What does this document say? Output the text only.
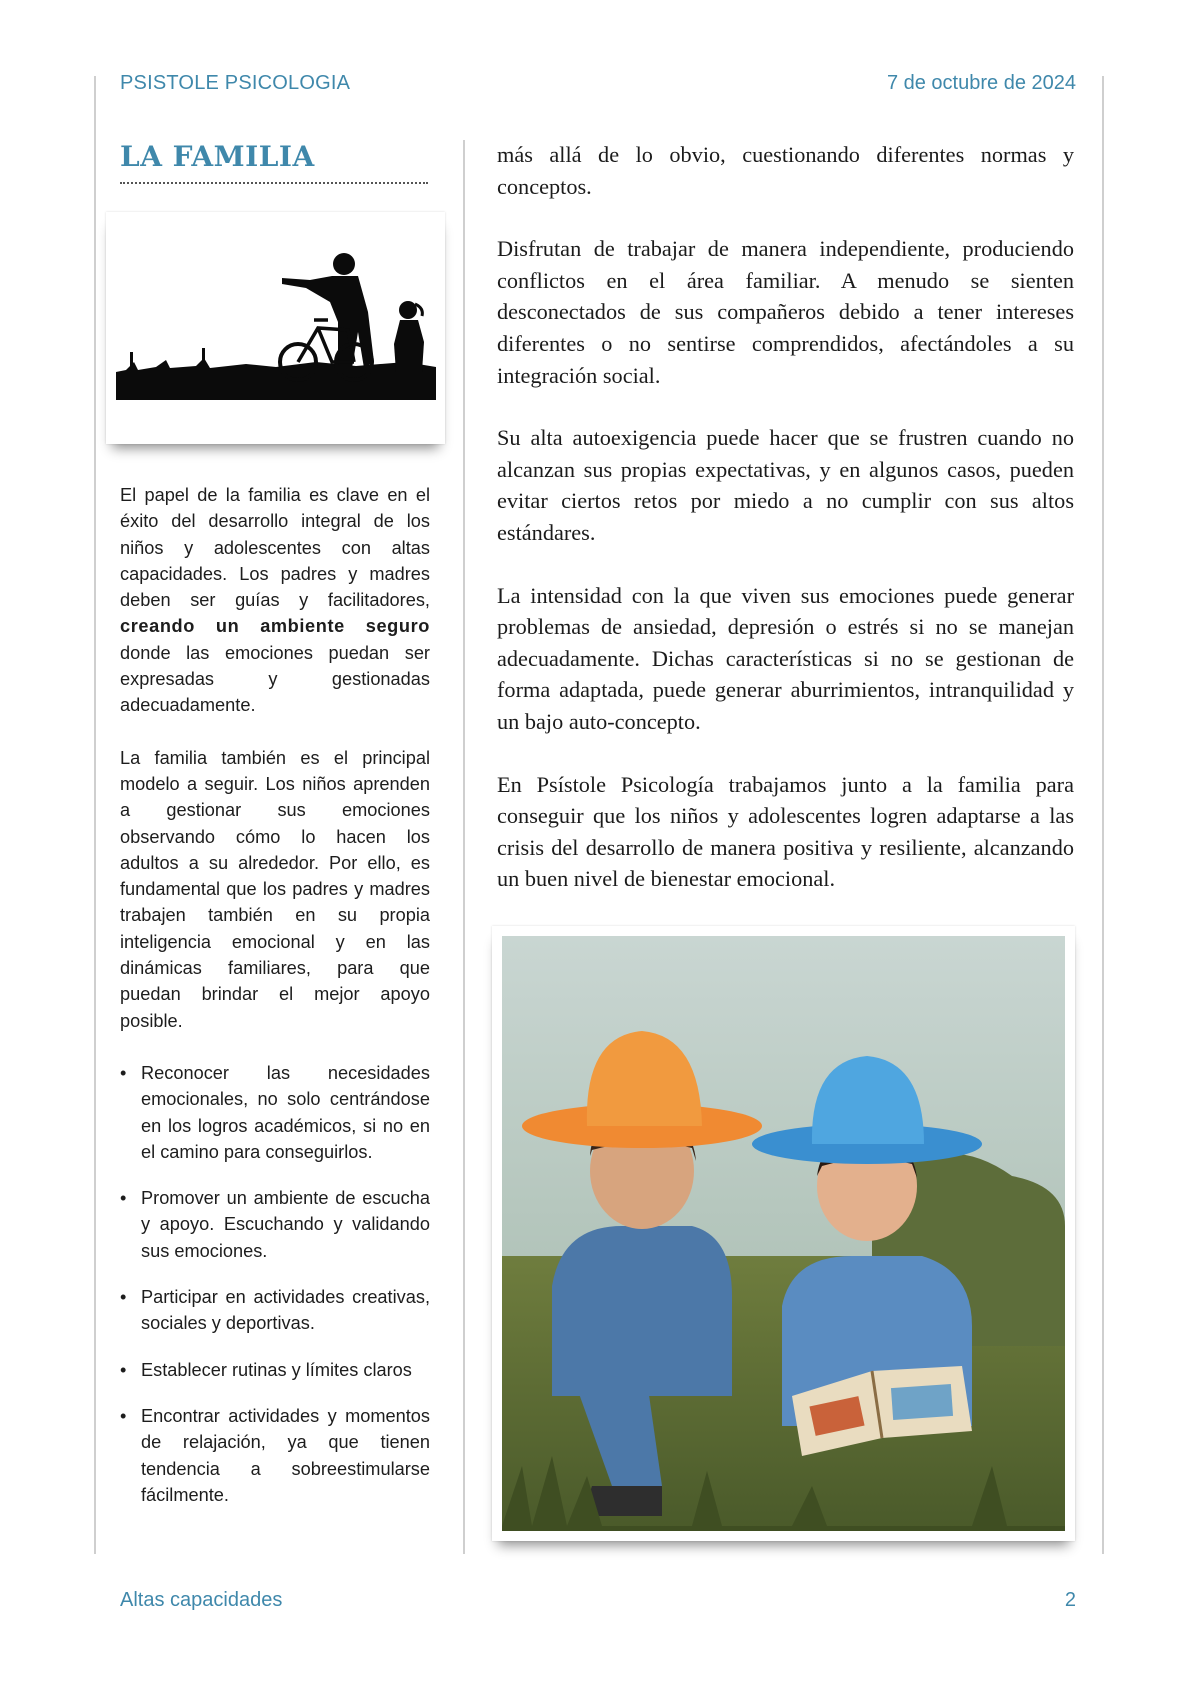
PSISTOLE PSICOLOGIA	7 de octubre de 2024
LA FAMILIA

El papel de la familia es clave en el éxito del desarrollo integral de los niños y adolescentes con altas capacidades. Los padres y madres deben ser guías y facilitadores, creando un ambiente seguro donde las emociones puedan ser expresadas y gestionadas adecuadamente.

La familia también es el principal modelo a seguir. Los niños aprenden a gestionar sus emociones observando cómo lo hacen los adultos a su alrededor. Por ello, es fundamental que los padres y madres trabajen también en su propia inteligencia emocional y en las dinámicas familiares, para que puedan brindar el mejor apoyo posible.

• Reconocer las necesidades emocionales, no solo centrándose en los logros académicos, si no en el camino para conseguirlos.
• Promover un ambiente de escucha y apoyo. Escuchando y validando sus emociones.
• Participar en actividades creativas, sociales y deportivas.
• Establecer rutinas y límites claros
• Encontrar actividades y momentos de relajación, ya que tienen tendencia a sobreestimularse fácilmente.

más allá de lo obvio, cuestionando diferentes normas y conceptos.

Disfrutan de trabajar de manera independiente, produciendo conflictos en el área familiar. A menudo se sienten desconectados de sus compañeros debido a tener intereses diferentes o no sentirse comprendidos, afectándoles a su integración social.

Su alta autoexigencia puede hacer que se frustren cuando no alcanzan sus propias expectativas, y en algunos casos, pueden evitar ciertos retos por miedo a no cumplir con sus altos estándares.

La intensidad con la que viven sus emociones puede generar problemas de ansiedad, depresión o estrés si no se manejan adecuadamente. Dichas características si no se gestionan de forma adaptada, puede generar aburrimientos, intranquilidad y un bajo auto-concepto.

En Psístole Psicología trabajamos junto a la familia para conseguir que los niños y adolescentes logren adaptarse a las crisis del desarrollo de manera positiva y resiliente, alcanzando un buen nivel de bienestar emocional.

Altas capacidades	2
